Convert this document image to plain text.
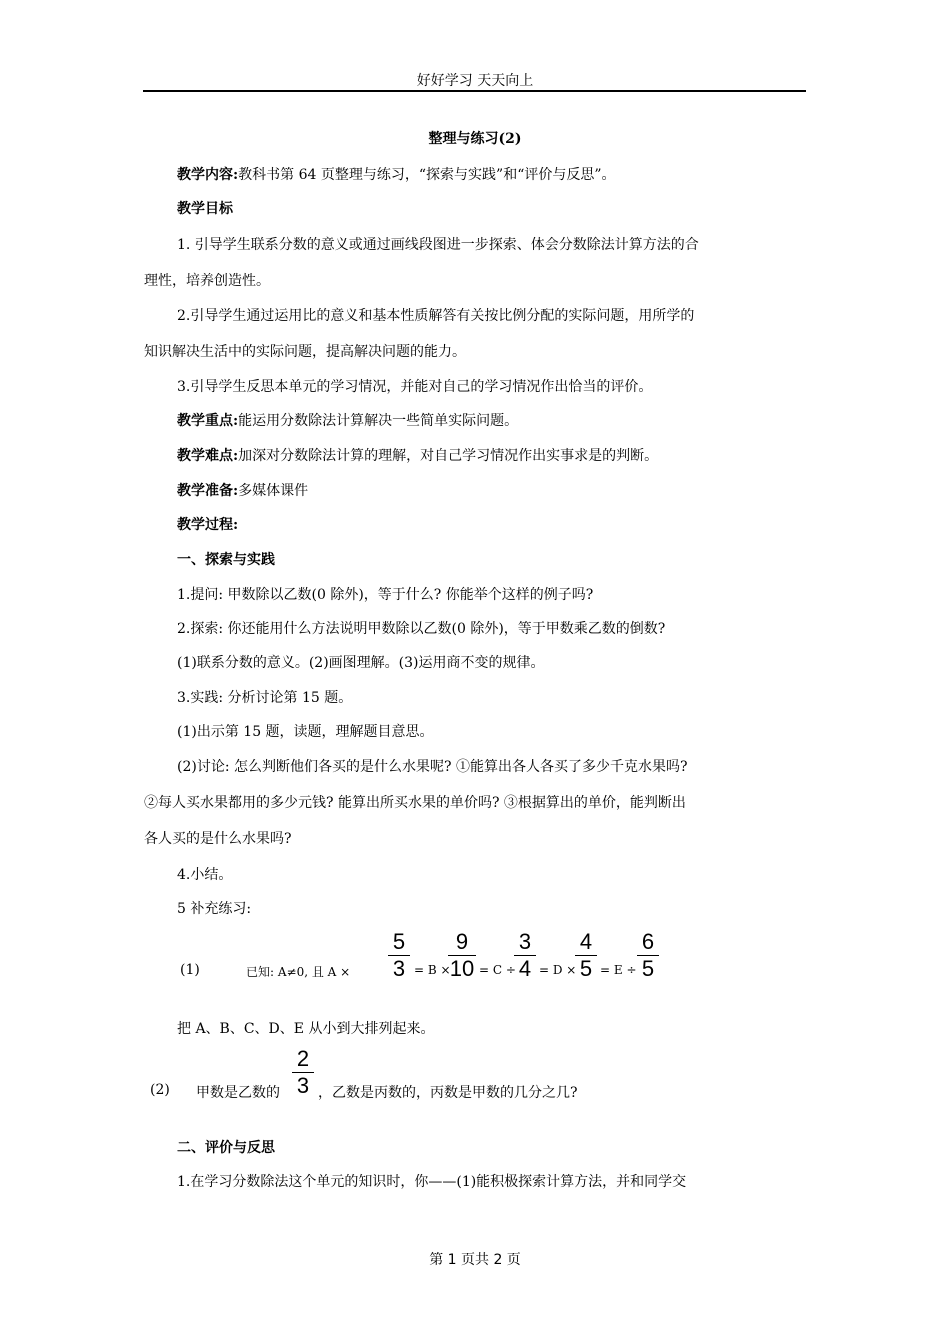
好好学习 天天向上
整理与练习(2)
教学内容:教科书第 64 页整理与练习，“探索与实践”和“评价与反思”。
教学目标
1. 引导学生联系分数的意义或通过画线段图进一步探索、体会分数除法计算方法的合
理性，培养创造性。
2.引导学生通过运用比的意义和基本性质解答有关按比例分配的实际问题，用所学的
知识解决生活中的实际问题，提高解决问题的能力。
3.引导学生反思本单元的学习情况，并能对自己的学习情况作出恰当的评价。
教学重点:能运用分数除法计算解决一些简单实际问题。
教学难点:加深对分数除法计算的理解，对自己学习情况作出实事求是的判断。
教学准备:多媒体课件
教学过程:
一、探索与实践
1.提问: 甲数除以乙数(0 除外)，等于什么? 你能举个这样的例子吗?
2.探索: 你还能用什么方法说明甲数除以乙数(0 除外)，等于甲数乘乙数的倒数?
(1)联系分数的意义。(2)画图理解。(3)运用商不变的规律。
3.实践: 分析讨论第 15 题。
(1)出示第 15 题，读题，理解题目意思。
(2)讨论: 怎么判断他们各买的是什么水果呢? ①能算出各人各买了多少千克水果吗?
②每人买水果都用的多少元钱? 能算出所买水果的单价吗? ③根据算出的单价，能判断出
各人买的是什么水果吗?
4.小结。
5 补充练习:
(1)	已知: A≠0, 且 A ×
5
3 = B ×
9
10 = C ÷
3
4 = D ×
4
5 = E ÷
6
5
把 A、B、C、D、E 从小到大排列起来。
(2) 甲数是乙数的
2
3 ，乙数是丙数的，丙数是甲数的几分之几?
二、评价与反思
1.在学习分数除法这个单元的知识时，你——(1)能积极探索计算方法，并和同学交
第 1 页共 2 页
